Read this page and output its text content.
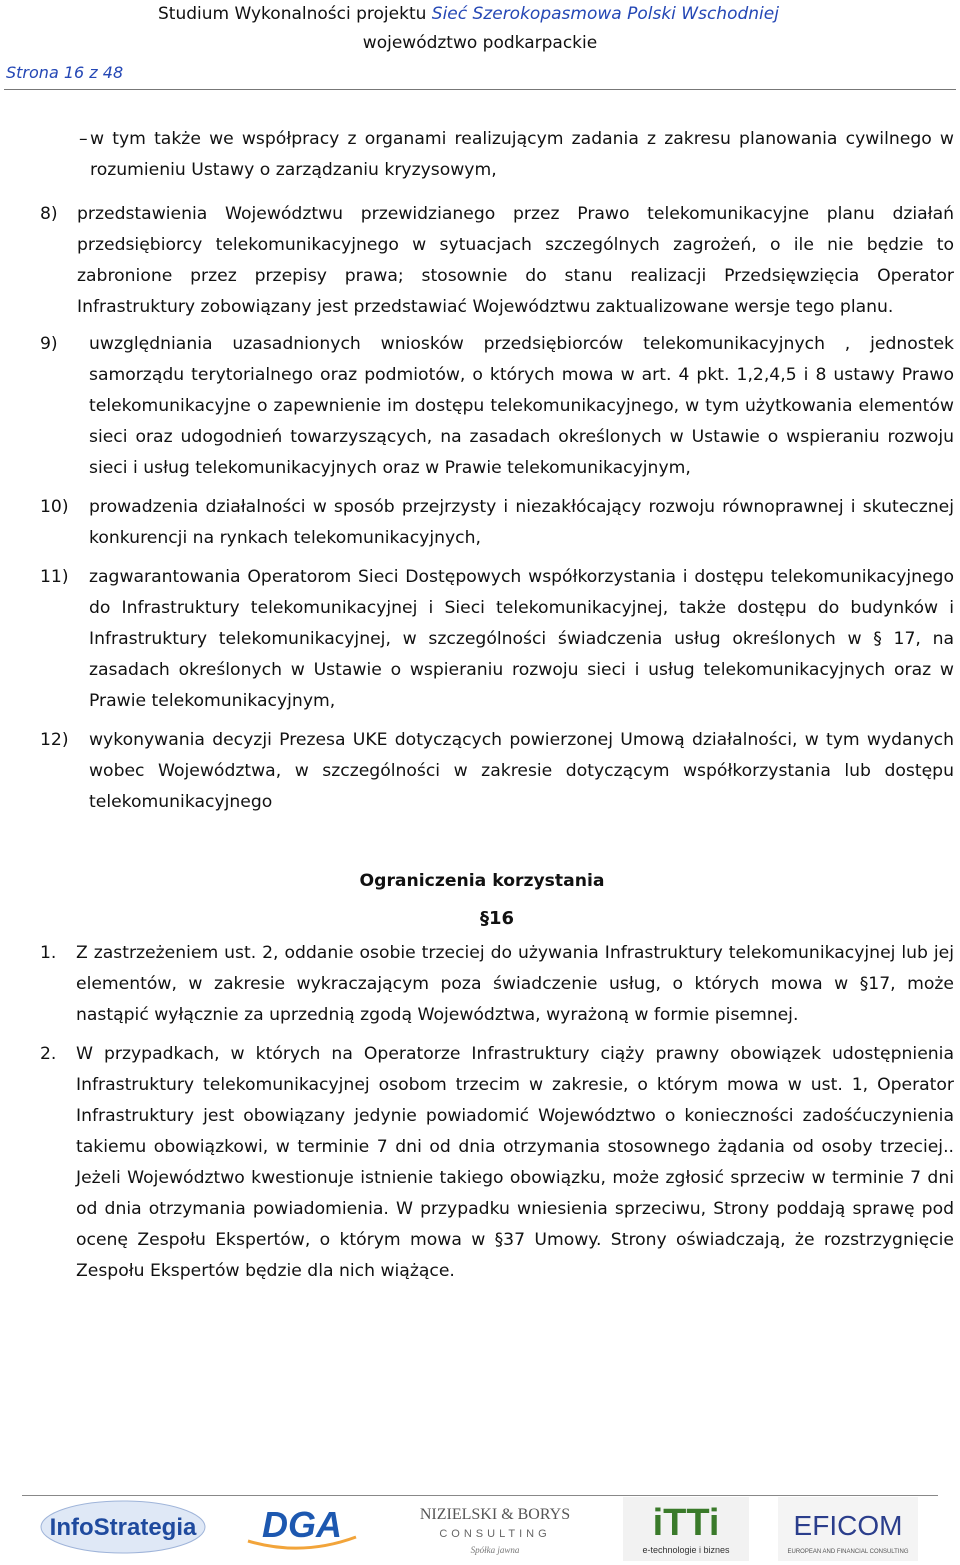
Studium Wykonalności projektu Sieć Szerokopasmowa Polski Wschodniej
województwo podkarpackie
Strona 16 z 48

– w tym także we współpracy z organami realizującym zadania z zakresu planowania cywilnego w rozumieniu Ustawy o zarządzaniu kryzysowym,

8)	przedstawienia Województwu przewidzianego przez Prawo telekomunikacyjne planu działań przedsiębiorcy telekomunikacyjnego w sytuacjach szczególnych zagrożeń, o ile nie będzie to zabronione przez przepisy prawa; stosownie do stanu realizacji Przedsięwzięcia Operator Infrastruktury zobowiązany jest przedstawiać Województwu zaktualizowane wersje tego planu.
9)	uwzględniania uzasadnionych wniosków przedsiębiorców telekomunikacyjnych , jednostek samorządu terytorialnego oraz podmiotów, o których mowa w art. 4 pkt. 1,2,4,5 i 8 ustawy Prawo telekomunikacyjne o zapewnienie im dostępu telekomunikacyjnego, w tym użytkowania elementów sieci oraz udogodnień towarzyszących, na zasadach określonych w Ustawie o wspieraniu rozwoju sieci i usług telekomunikacyjnych oraz w Prawie telekomunikacyjnym,
10)	prowadzenia działalności w sposób przejrzysty i niezakłócający rozwoju równoprawnej i skutecznej konkurencji na rynkach telekomunikacyjnych,
11)	zagwarantowania Operatorom Sieci Dostępowych współkorzystania i dostępu telekomunikacyjnego do Infrastruktury telekomunikacyjnej i Sieci telekomunikacyjnej, także dostępu do budynków i Infrastruktury telekomunikacyjnej, w szczególności świadczenia usług określonych w § 17, na zasadach określonych w Ustawie o wspieraniu rozwoju sieci i usług telekomunikacyjnych oraz w Prawie telekomunikacyjnym,
12)	wykonywania decyzji Prezesa UKE dotyczących powierzonej Umową działalności, w tym wydanych wobec Województwa, w szczególności w zakresie dotyczącym współkorzystania lub dostępu telekomunikacyjnego
Ograniczenia korzystania
§16
1.	Z zastrzeżeniem ust. 2, oddanie osobie trzeciej do używania Infrastruktury telekomunikacyjnej lub jej elementów, w zakresie wykraczającym poza świadczenie usług, o których mowa w §17, może nastąpić wyłącznie za uprzednią zgodą Województwa, wyrażoną w formie pisemnej.
2.	W przypadkach, w których na Operatorze Infrastruktury ciąży prawny obowiązek udostępnienia Infrastruktury telekomunikacyjnej osobom trzecim w zakresie, o którym mowa w ust. 1, Operator Infrastruktury jest obowiązany jedynie powiadomić Województwo o konieczności zadośćuczynienia takiemu obowiązkowi, w terminie 7 dni od dnia otrzymania stosownego żądania od osoby trzeciej.. Jeżeli Województwo kwestionuje istnienie takiego obowiązku, może zgłosić sprzeciw w terminie 7 dni od dnia otrzymania powiadomienia. W przypadku wniesienia sprzeciwu, Strony poddają sprawę pod ocenę Zespołu Ekspertów, o którym mowa w §37 Umowy. Strony oświadczają, że rozstrzygnięcie Zespołu Ekspertów będzie dla nich wiążące.
InfoStrategia DGA	NIZIELSKI & BORYS
CONSULTING
Spółka jawna
iTTi
e-technologie i biznes
EFICOM
EUROPEAN AND FINANCIAL CONSULTING
